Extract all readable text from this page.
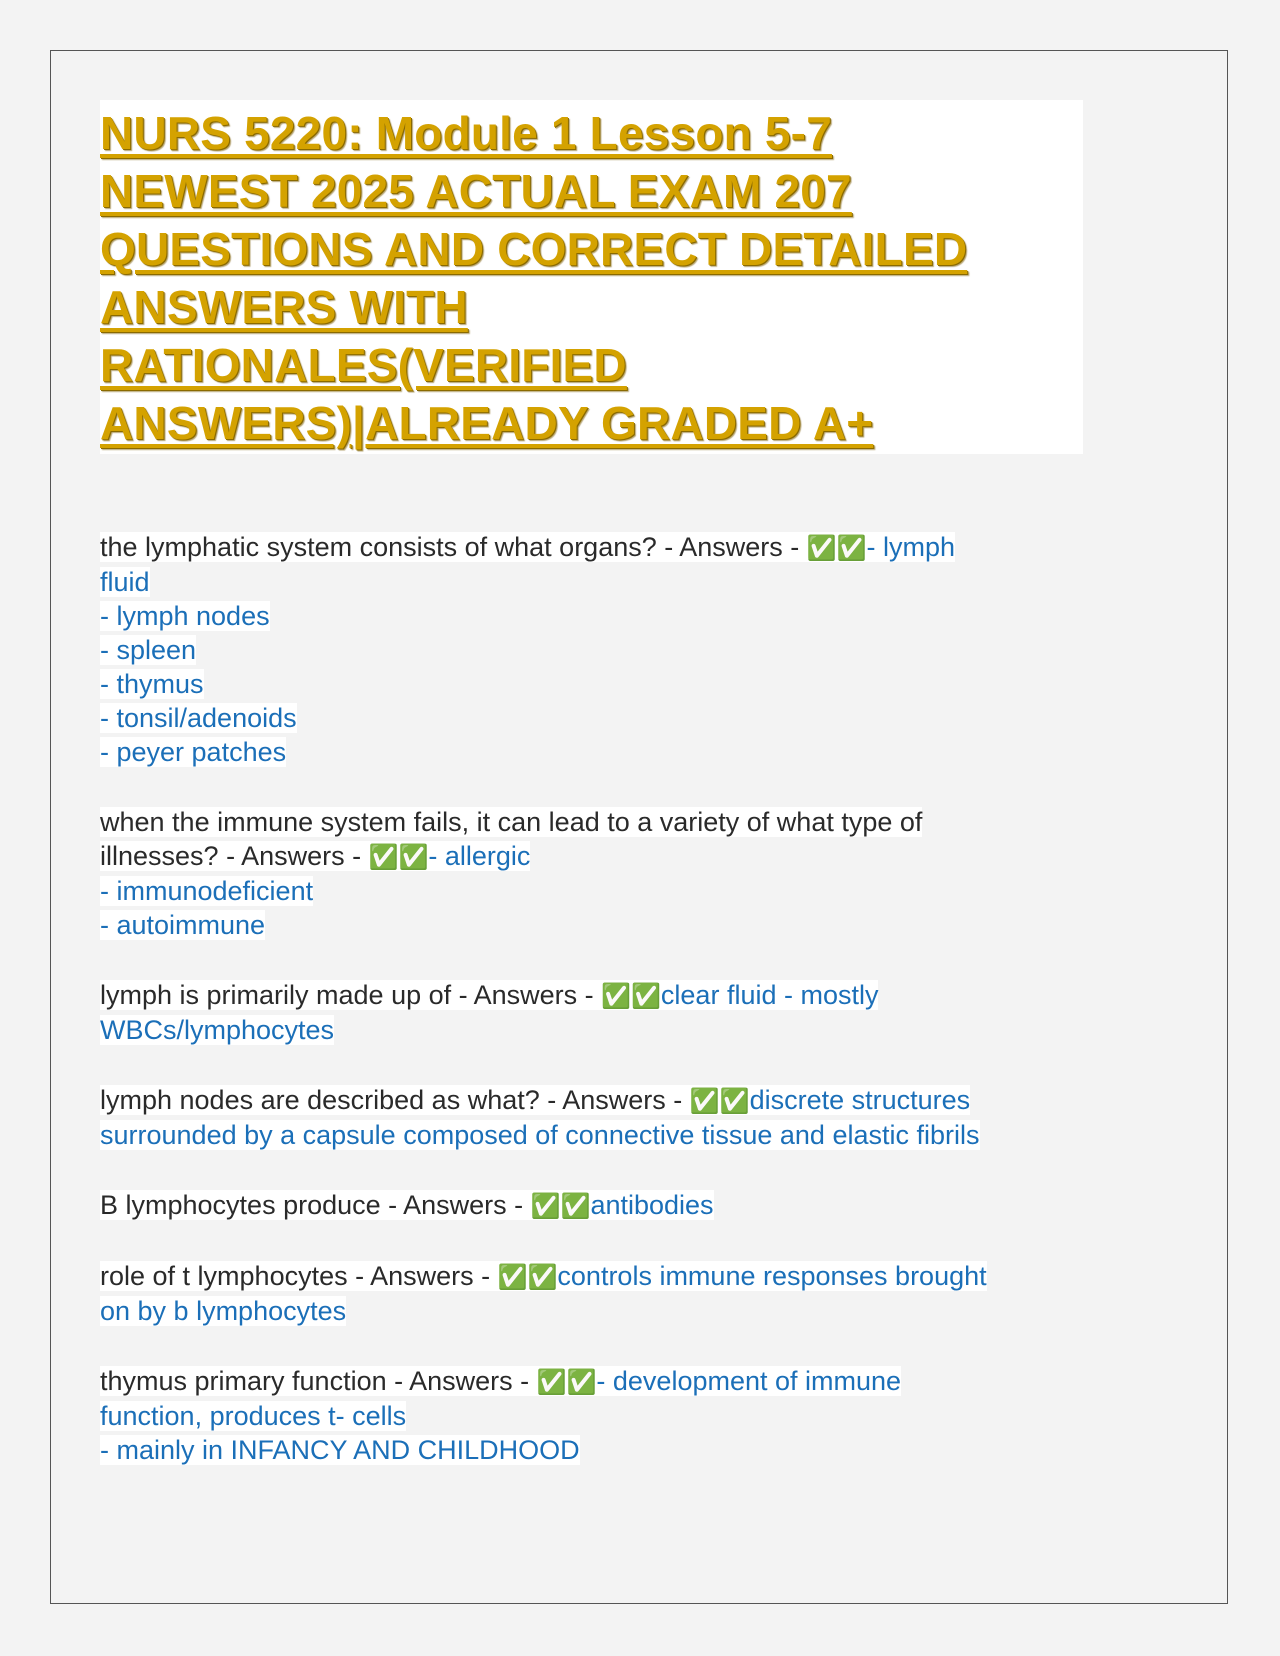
NURS 5220: Module 1 Lesson 5-7
NEWEST 2025 ACTUAL EXAM 207
QUESTIONS AND CORRECT DETAILED
ANSWERS WITH
RATIONALES(VERIFIED
ANSWERS)|ALREADY GRADED A+
the lymphatic system consists of what organs? - Answers - ✅✅- lymph
fluid
- lymph nodes
- spleen
- thymus
- tonsil/adenoids
- peyer patches
when the immune system fails, it can lead to a variety of what type of
illnesses? - Answers - ✅✅- allergic
- immunodeficient
- autoimmune
lymph is primarily made up of - Answers - ✅✅clear fluid - mostly
WBCs/lymphocytes
lymph nodes are described as what? - Answers - ✅✅discrete structures
surrounded by a capsule composed of connective tissue and elastic fibrils
B lymphocytes produce - Answers - ✅✅antibodies
role of t lymphocytes - Answers - ✅✅controls immune responses brought
on by b lymphocytes
thymus primary function - Answers - ✅✅- development of immune
function, produces t- cells
- mainly in INFANCY AND CHILDHOOD
